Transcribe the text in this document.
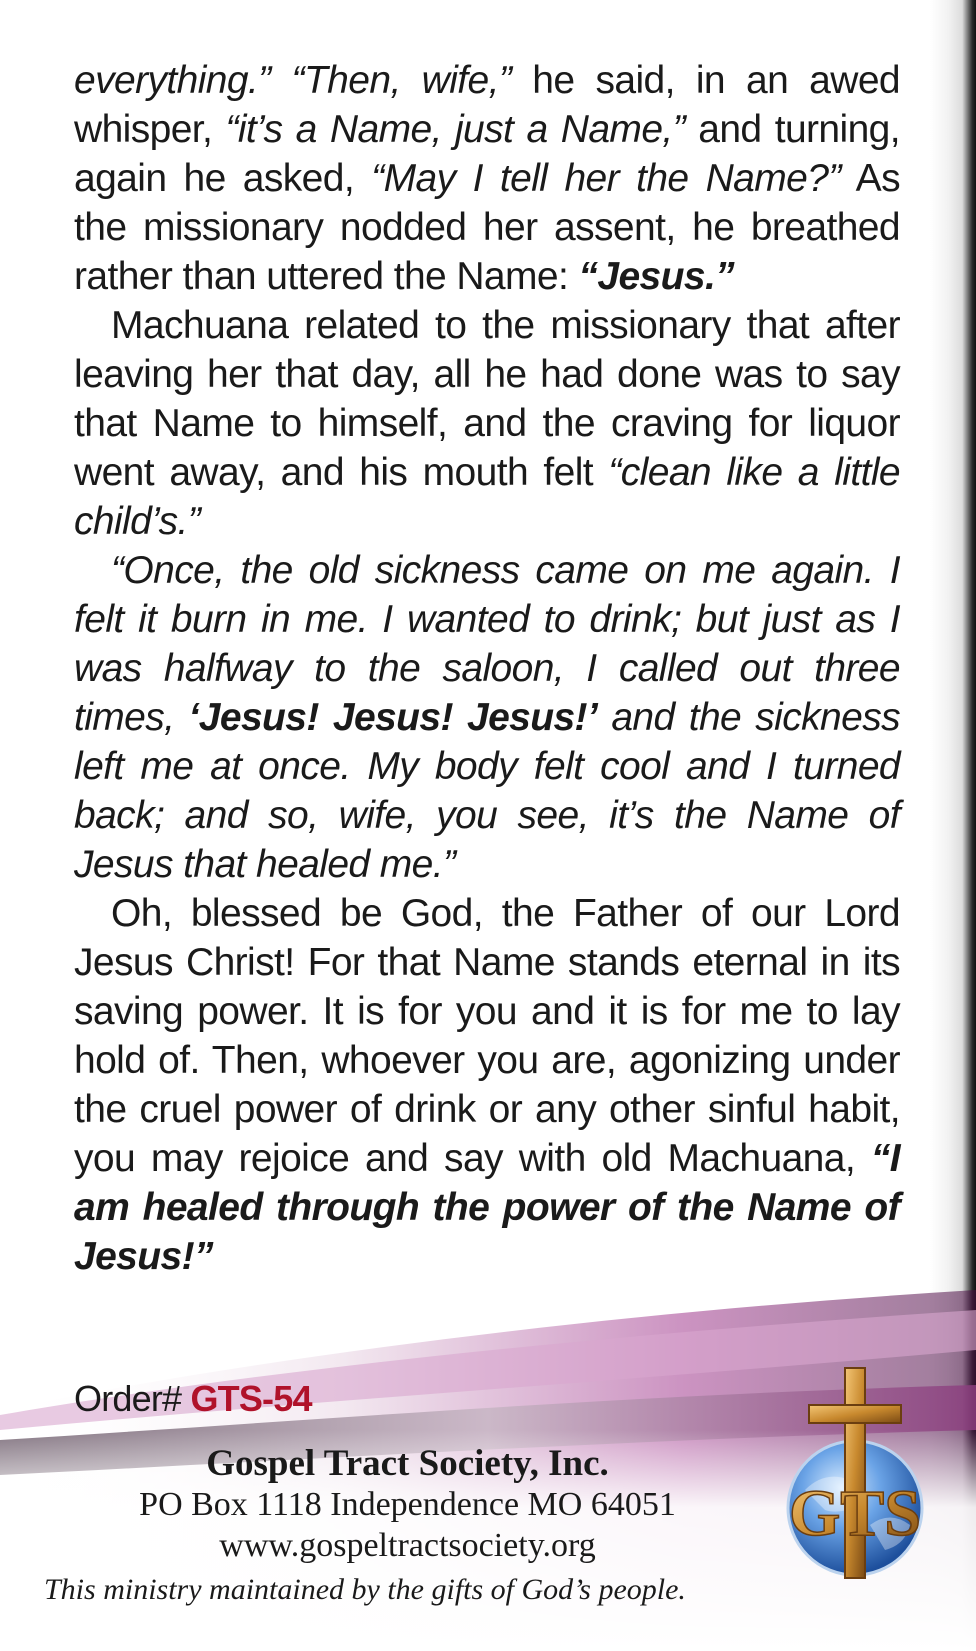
everything.” “Then, wife,” he said, in an awed whisper, “it’s a Name, just a Name,” and turning, again he asked, “May I tell her the Name?” As the missionary nodded her assent, he breathed rather than uttered the Name: “Jesus.”

Machuana related to the missionary that after leaving her that day, all he had done was to say that Name to himself, and the craving for liquor went away, and his mouth felt “clean like a little child’s.”

“Once, the old sickness came on me again. I felt it burn in me. I wanted to drink; but just as I was halfway to the saloon, I called out three times, ‘Jesus! Jesus! Jesus!’ and the sickness left me at once. My body felt cool and I turned back; and so, wife, you see, it’s the Name of Jesus that healed me.”

Oh, blessed be God, the Father of our Lord Jesus Christ! For that Name stands eternal in its saving power. It is for you and it is for me to lay hold of. Then, whoever you are, agonizing under the cruel power of drink or any other sinful habit, you may rejoice and say with old Machuana, “I am healed through the power of the Name of Jesus!”

Order# GTS-54
Gospel Tract Society, Inc.
PO Box 1118 Independence MO 64051
www.gospeltractsociety.org
This ministry maintained by the gifts of God’s people.
GTS
